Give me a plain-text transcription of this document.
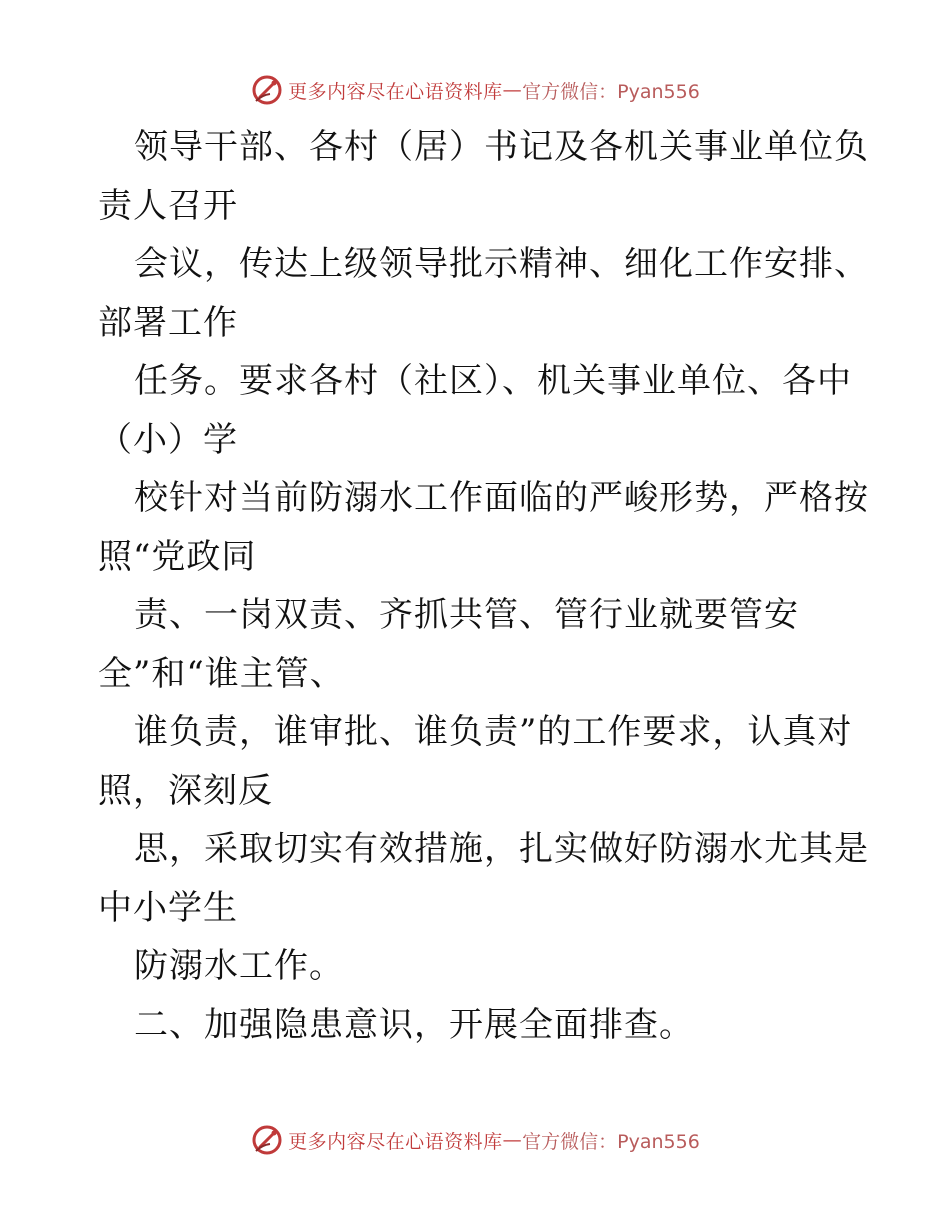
更多内容尽在心语资料库 — 官方微信：Pyan556
领导干部、各村（居）书记及各机关事业单位负
责人召开
会议，传达上级领导批示精神、细化工作安排、
部署工作
任务。要求各村（社区）、机关事业单位、各中
（小）学
校针对当前防溺水工作面临的严峻形势，严格按
照“党政同
责、一岗双责、齐抓共管、管行业就要管安
全”和“谁主管、
谁负责，谁审批、谁负责”的工作要求，认真对
照，深刻反
思，采取切实有效措施，扎实做好防溺水尤其是
中小学生
防溺水工作。
二、加强隐患意识，开展全面排查。
更多内容尽在心语资料库 — 官方微信：Pyan556
